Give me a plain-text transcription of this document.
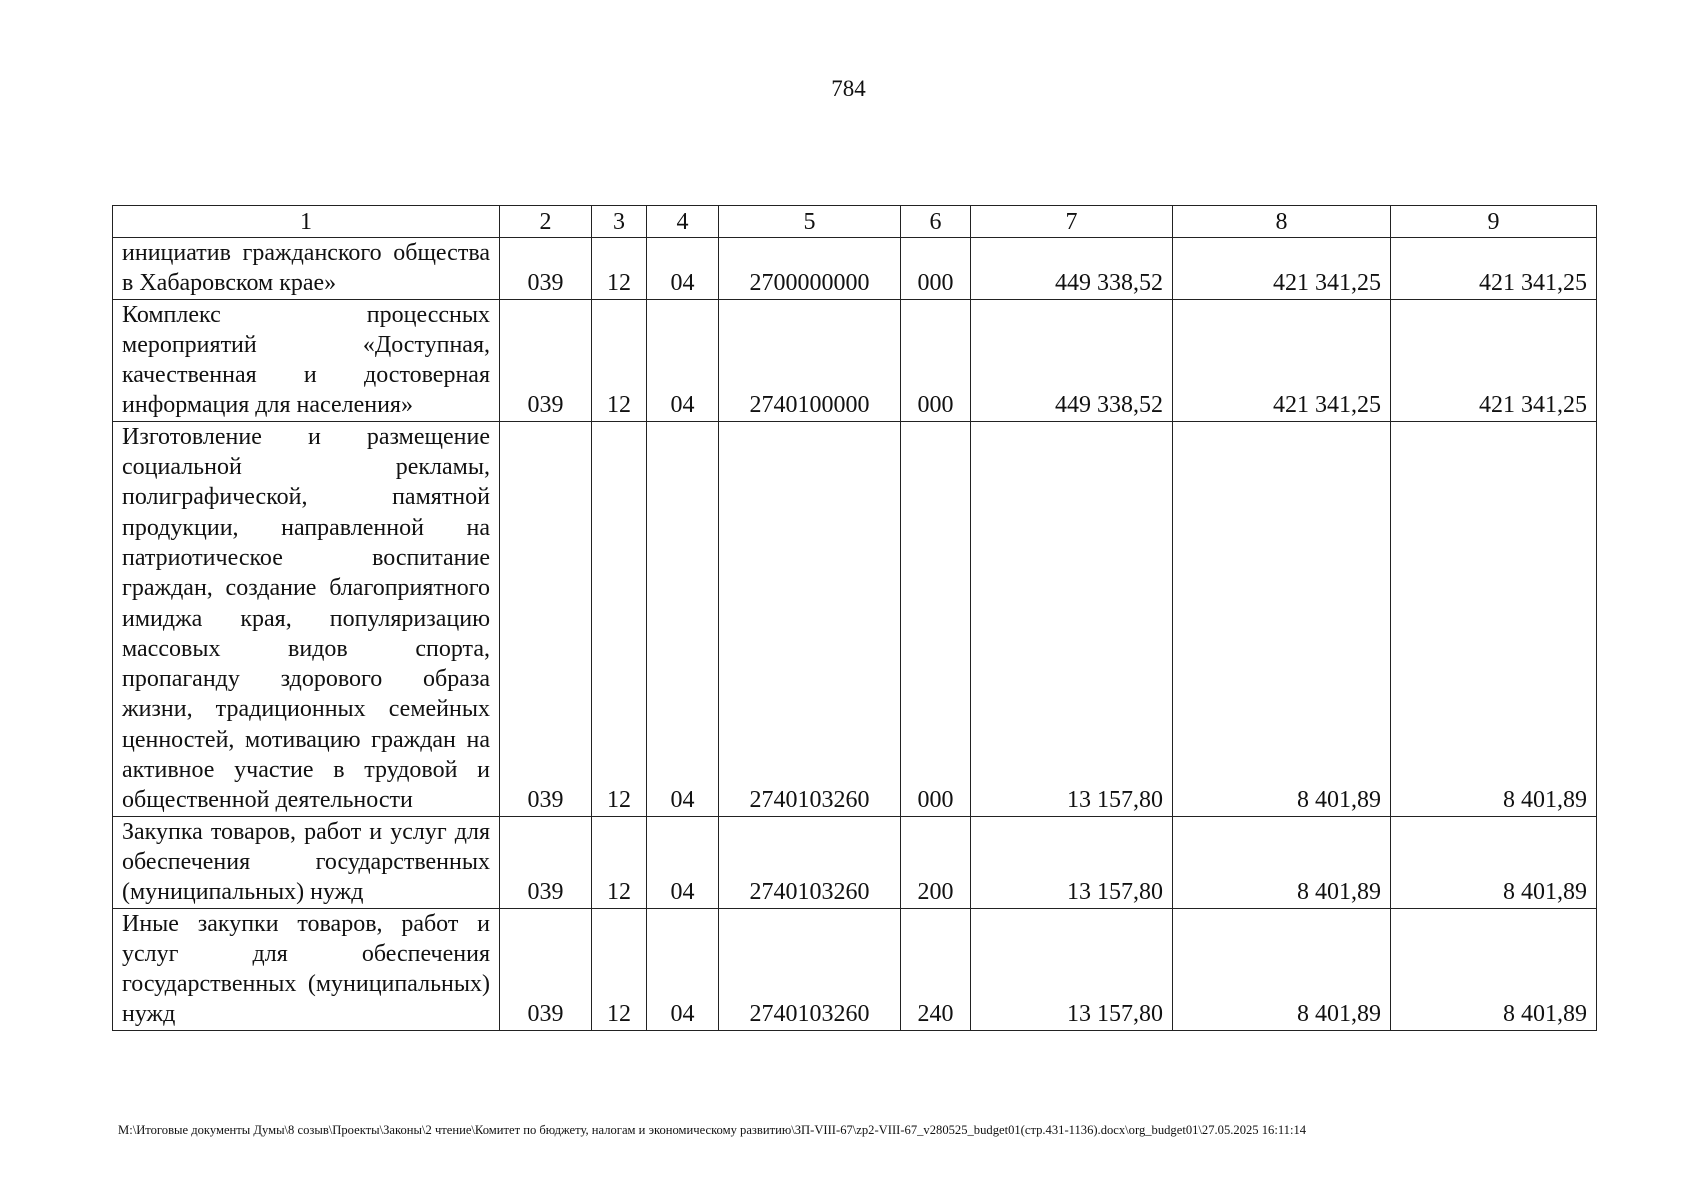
784
1	2	3	4	5	6	7	8	9
инициатив гражданского общества в Хабаровском крае»	039	12	04	2700000000	000	449 338,52	421 341,25	421 341,25
Комплекс процессных мероприятий «Доступная, качественная и достоверная информация для населения»	039	12	04	2740100000	000	449 338,52	421 341,25	421 341,25
Изготовление и размещение социальной рекламы, полиграфической, памятной продукции, направленной на патриотическое воспитание граждан, создание благоприятного имиджа края, популяризацию массовых видов спорта, пропаганду здорового образа жизни, традиционных семейных ценностей, мотивацию граждан на активное участие в трудовой и общественной деятельности	039	12	04	2740103260	000	13 157,80	8 401,89	8 401,89
Закупка товаров, работ и услуг для обеспечения государственных (муниципальных) нужд	039	12	04	2740103260	200	13 157,80	8 401,89	8 401,89
Иные закупки товаров, работ и услуг для обеспечения государственных (муниципальных) нужд	039	12	04	2740103260	240	13 157,80	8 401,89	8 401,89
M:\Итоговые документы Думы\8 созыв\Проекты\Законы\2 чтение\Комитет по бюджету, налогам и экономическому развитию\ЗП-VIII-67\zp2-VIII-67_v280525_budget01(стр.431-1136).docx\org_budget01\27.05.2025 16:11:14
